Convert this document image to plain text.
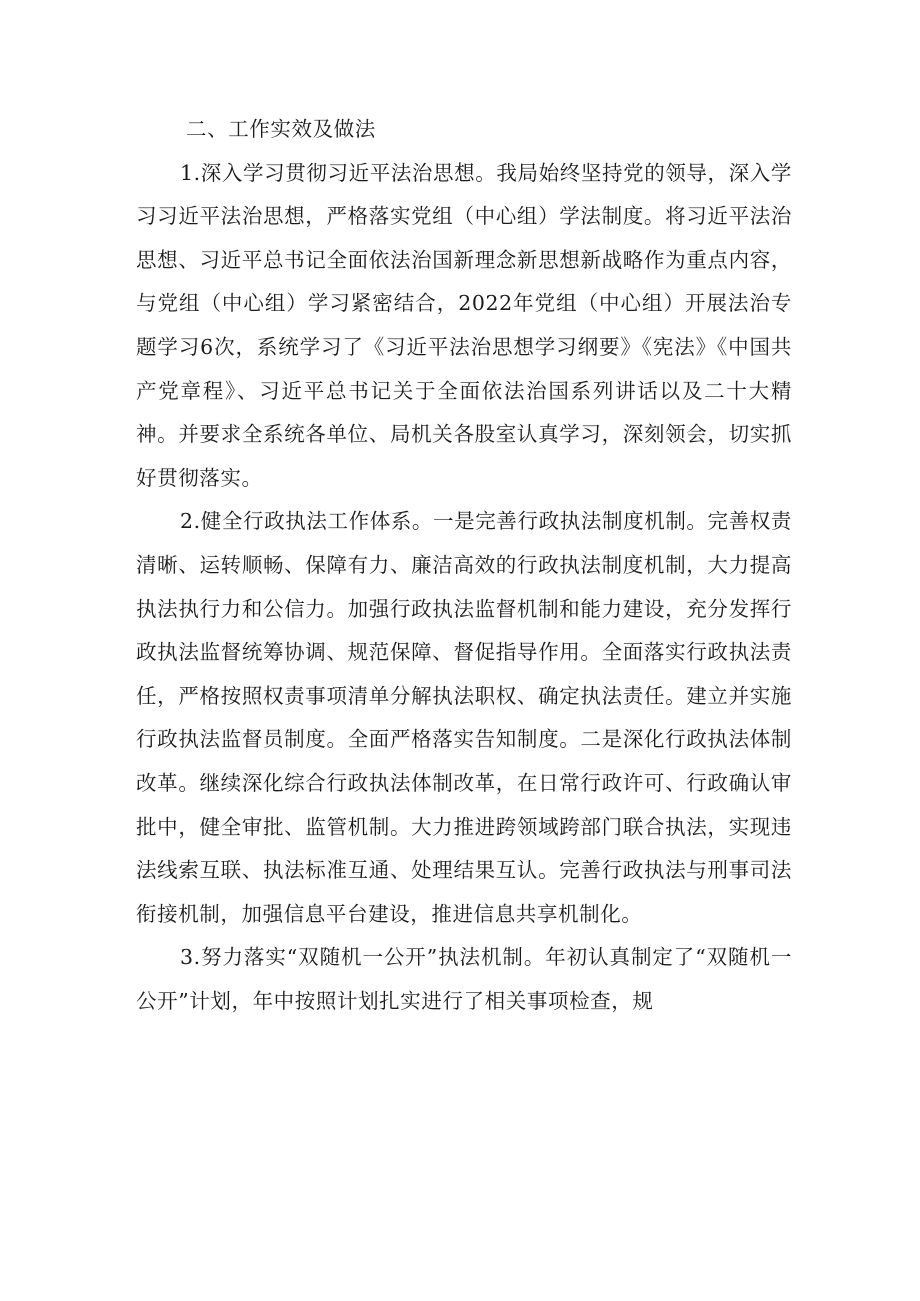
二、工作实效及做法

1.深入学习贯彻习近平法治思想。我局始终坚持党的领导，深入学习习近平法治思想，严格落实党组（中心组）学法制度。将习近平法治思想、习近平总书记全面依法治国新理念新思想新战略作为重点内容，与党组（中心组）学习紧密结合，2022年党组（中心组）开展法治专题学习6次，系统学习了《习近平法治思想学习纲要》《宪法》《中国共产党章程》、习近平总书记关于全面依法治国系列讲话以及二十大精神。并要求全系统各单位、局机关各股室认真学习，深刻领会，切实抓好贯彻落实。

2.健全行政执法工作体系。一是完善行政执法制度机制。完善权责清晰、运转顺畅、保障有力、廉洁高效的行政执法制度机制，大力提高执法执行力和公信力。加强行政执法监督机制和能力建设，充分发挥行政执法监督统筹协调、规范保障、督促指导作用。全面落实行政执法责任，严格按照权责事项清单分解执法职权、确定执法责任。建立并实施行政执法监督员制度。全面严格落实告知制度。二是深化行政执法体制改革。继续深化综合行政执法体制改革，在日常行政许可、行政确认审批中，健全审批、监管机制。大力推进跨领域跨部门联合执法，实现违法线索互联、执法标准互通、处理结果互认。完善行政执法与刑事司法衔接机制，加强信息平台建设，推进信息共享机制化。

3.努力落实“双随机一公开”执法机制。年初认真制定了“双随机一公开”计划，年中按照计划扎实进行了相关事项检查，规
